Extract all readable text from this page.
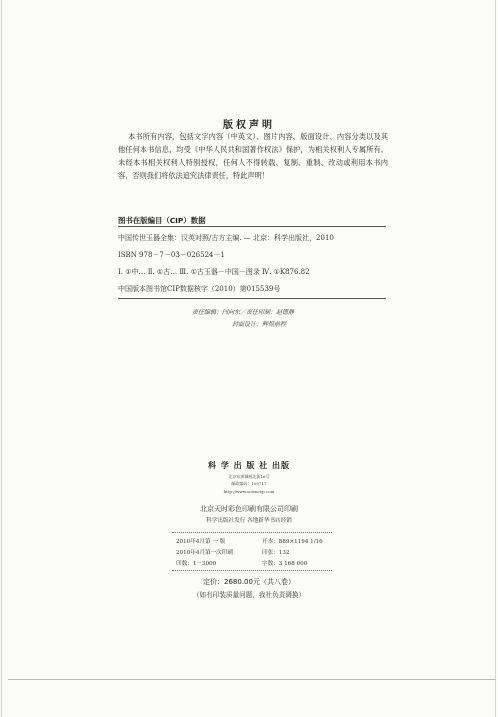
版权声明

本书所有内容，包括文字内容（中英文）、图片内容、版面设计、内容分类以及其他任何本书信息，均受《中华人民共和国著作权法》保护，为相关权利人专属所有。未经本书相关权利人特别授权，任何人不得转载、复制、重制、改动或利用本书内容，否则我们将依法追究法律责任，特此声明！

图书在版编目（CIP）数据
中国传世玉器全集：汉英对照/古方主编. — 北京：科学出版社，2010
ISBN 978－7－03－026524－1
Ⅰ. ①中… Ⅱ. ①古… Ⅲ. ①古玉器－中国－图录 Ⅳ. ①K876.82
中国版本图书馆CIP数据核字（2010）第015539号
责任编辑：闫向东／责任印制：赵德静
封面设计：辉煌前程
科 学 出 版 社 出版
北京东黄城根北街16号
邮政编码：100717
http://www.sciencep.com
北京天时彩色印刷有限公司印刷
科学出版社发行 各地新华书店经销
2010年4月第 一 版
2010年4月第一次印刷
印数：1－3000
开本：889×1194 1/16
印张：132
字数：3 168 000
定价：2680.00元（共八卷）
（如有印装质量问题，我社负责调换）
